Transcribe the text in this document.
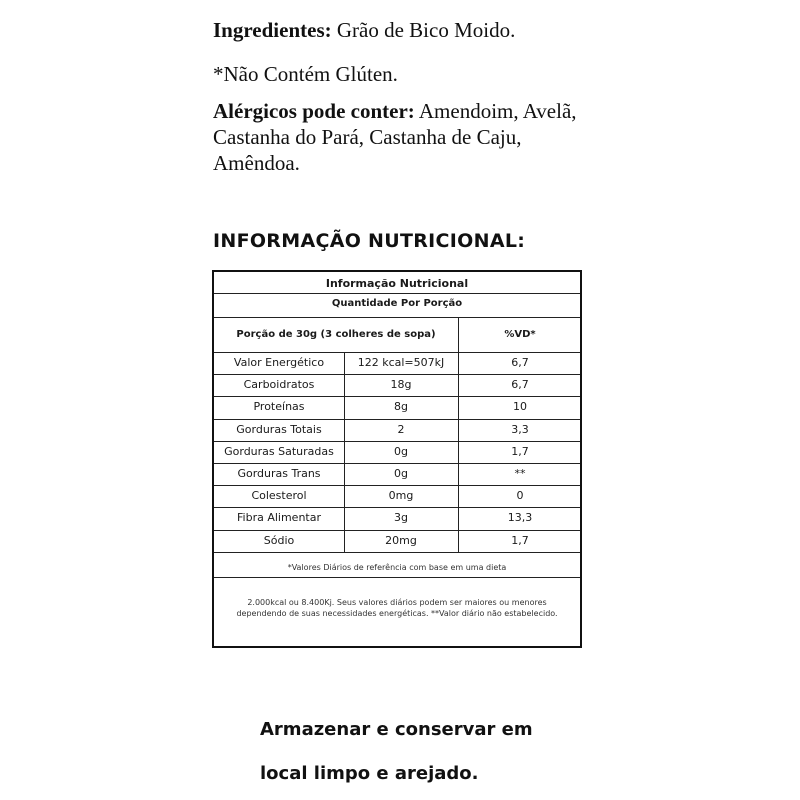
Ingredientes: Grão de Bico Moido.
*Não Contém Glúten.
Alérgicos pode conter: Amendoim, Avelã, Castanha do Pará, Castanha de Caju, Amêndoa.
INFORMAÇÃO NUTRICIONAL:
Informação Nutricional
Quantidade Por Porção
Porção de 30g (3 colheres de sopa)	%VD*
Valor Energético	122 kcal=507kJ	6,7
Carboidratos	18g	6,7
Proteínas	8g	10
Gorduras Totais	2	3,3
Gorduras Saturadas	0g	1,7
Gorduras Trans	0g	**
Colesterol	0mg	0
Fibra Alimentar	3g	13,3
Sódio	20mg	1,7
*Valores Diários de referência com base em uma dieta
2.000kcal ou 8.400Kj. Seus valores diários podem ser maiores ou menores dependendo de suas necessidades energéticas. **Valor diário não estabelecido.
Armazenar e conservar em
local limpo e arejado.
